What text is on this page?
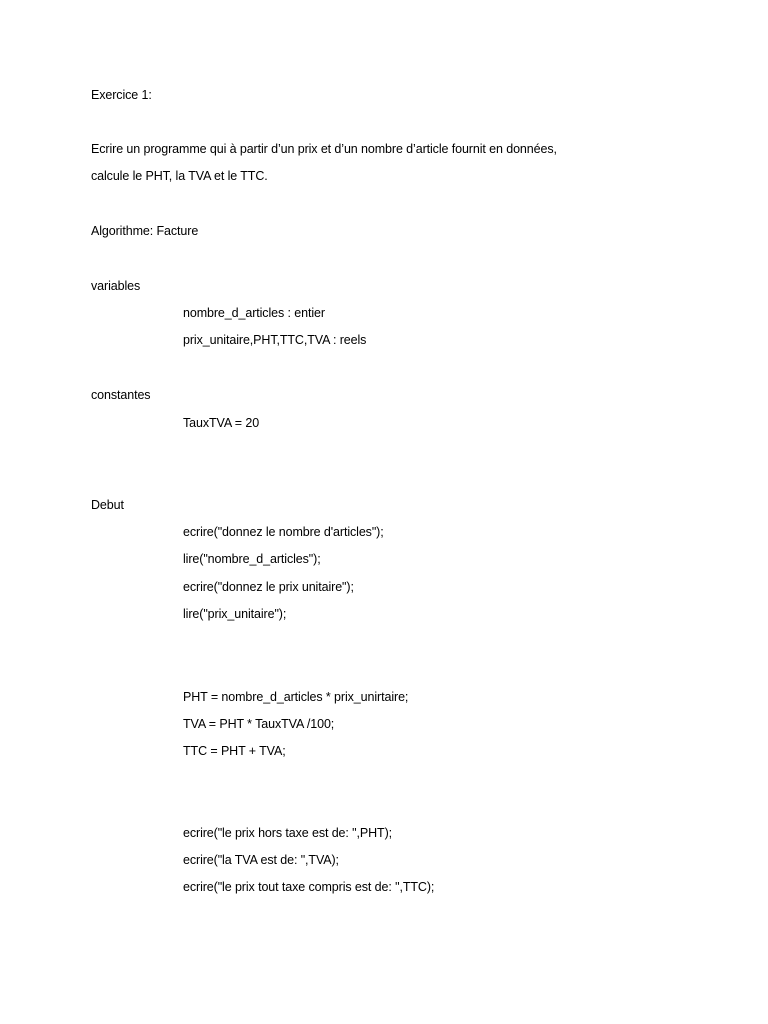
Exercice 1:
Ecrire un programme qui à partir d’un prix et d’un nombre d’article fournit en données,
calcule le PHT, la TVA et le TTC.
Algorithme: Facture
variables
nombre_d_articles : entier
prix_unitaire,PHT,TTC,TVA : reels
constantes
TauxTVA = 20
Debut
ecrire("donnez le nombre d'articles");
lire("nombre_d_articles");
ecrire("donnez le prix unitaire");
lire("prix_unitaire");
PHT = nombre_d_articles * prix_unirtaire;
TVA = PHT * TauxTVA /100;
TTC = PHT + TVA;
ecrire("le prix hors taxe est de: ",PHT);
ecrire("la TVA est de: ",TVA);
ecrire("le prix tout taxe compris est de: ",TTC);
